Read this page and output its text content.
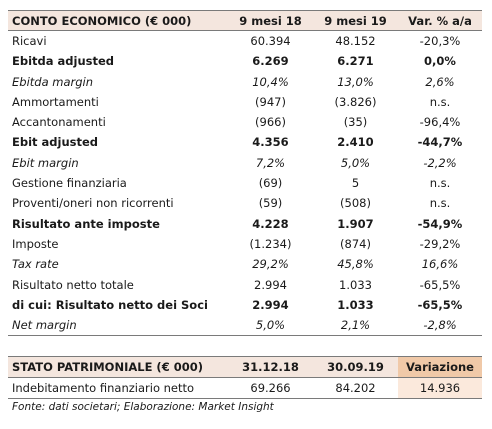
CONTO ECONOMICO (€ 000)	9 mesi 18	9 mesi 19	Var. % a/a
Ricavi	60.394	48.152	-20,3%
Ebitda adjusted	6.269	6.271	0,0%
Ebitda margin	10,4%	13,0%	2,6%
Ammortamenti	(947)	(3.826)	n.s.
Accantonamenti	(966)	(35)	-96,4%
Ebit adjusted	4.356	2.410	-44,7%
Ebit margin	7,2%	5,0%	-2,2%
Gestione finanziaria	(69)	5	n.s.
Proventi/oneri non ricorrenti	(59)	(508)	n.s.
Risultato ante imposte	4.228	1.907	-54,9%
Imposte	(1.234)	(874)	-29,2%
Tax rate	29,2%	45,8%	16,6%
Risultato netto totale	2.994	1.033	-65,5%
di cui: Risultato netto dei Soci	2.994	1.033	-65,5%
Net margin	5,0%	2,1%	-2,8%
STATO PATRIMONIALE (€ 000)	31.12.18	30.09.19	Variazione
Indebitamento finanziario netto	69.266	84.202	14.936
Fonte: dati societari; Elaborazione: Market Insight
